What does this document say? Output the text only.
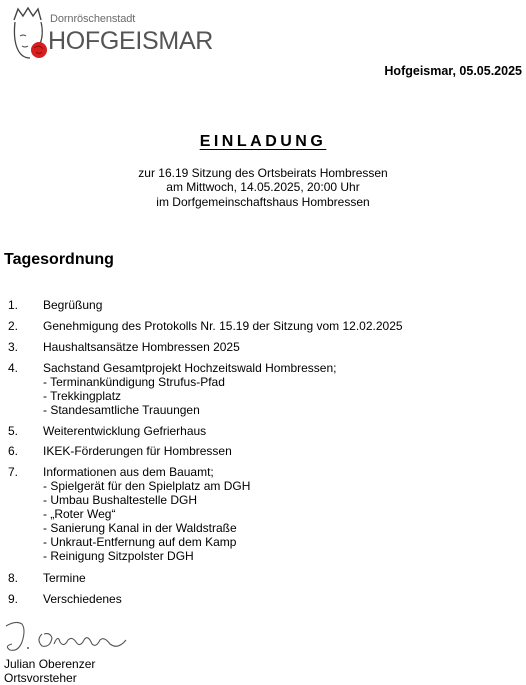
Dornröschenstadt
HOFGEISMAR
Hofgeismar, 05.05.2025
EINLADUNG
zur 16.19 Sitzung des Ortsbeirats Hombressen
am Mittwoch, 14.05.2025, 20:00 Uhr
im Dorfgemeinschaftshaus Hombressen
Tagesordnung
1. Begrüßung
2. Genehmigung des Protokolls Nr. 15.19 der Sitzung vom 12.02.2025
3. Haushaltsansätze Hombressen 2025
4. Sachstand Gesamtprojekt Hochzeitswald Hombressen;
- Terminankündigung Strufus-Pfad
- Trekkingplatz
- Standesamtliche Trauungen
5. Weiterentwicklung Gefrierhaus
6. IKEK-Förderungen für Hombressen
7. Informationen aus dem Bauamt;
- Spielgerät für den Spielplatz am DGH
- Umbau Bushaltestelle DGH
- „Roter Weg“
- Sanierung Kanal in der Waldstraße
- Unkraut-Entfernung auf dem Kamp
- Reinigung Sitzpolster DGH
8. Termine
9. Verschiedenes
Julian Oberenzer
Ortsvorsteher
